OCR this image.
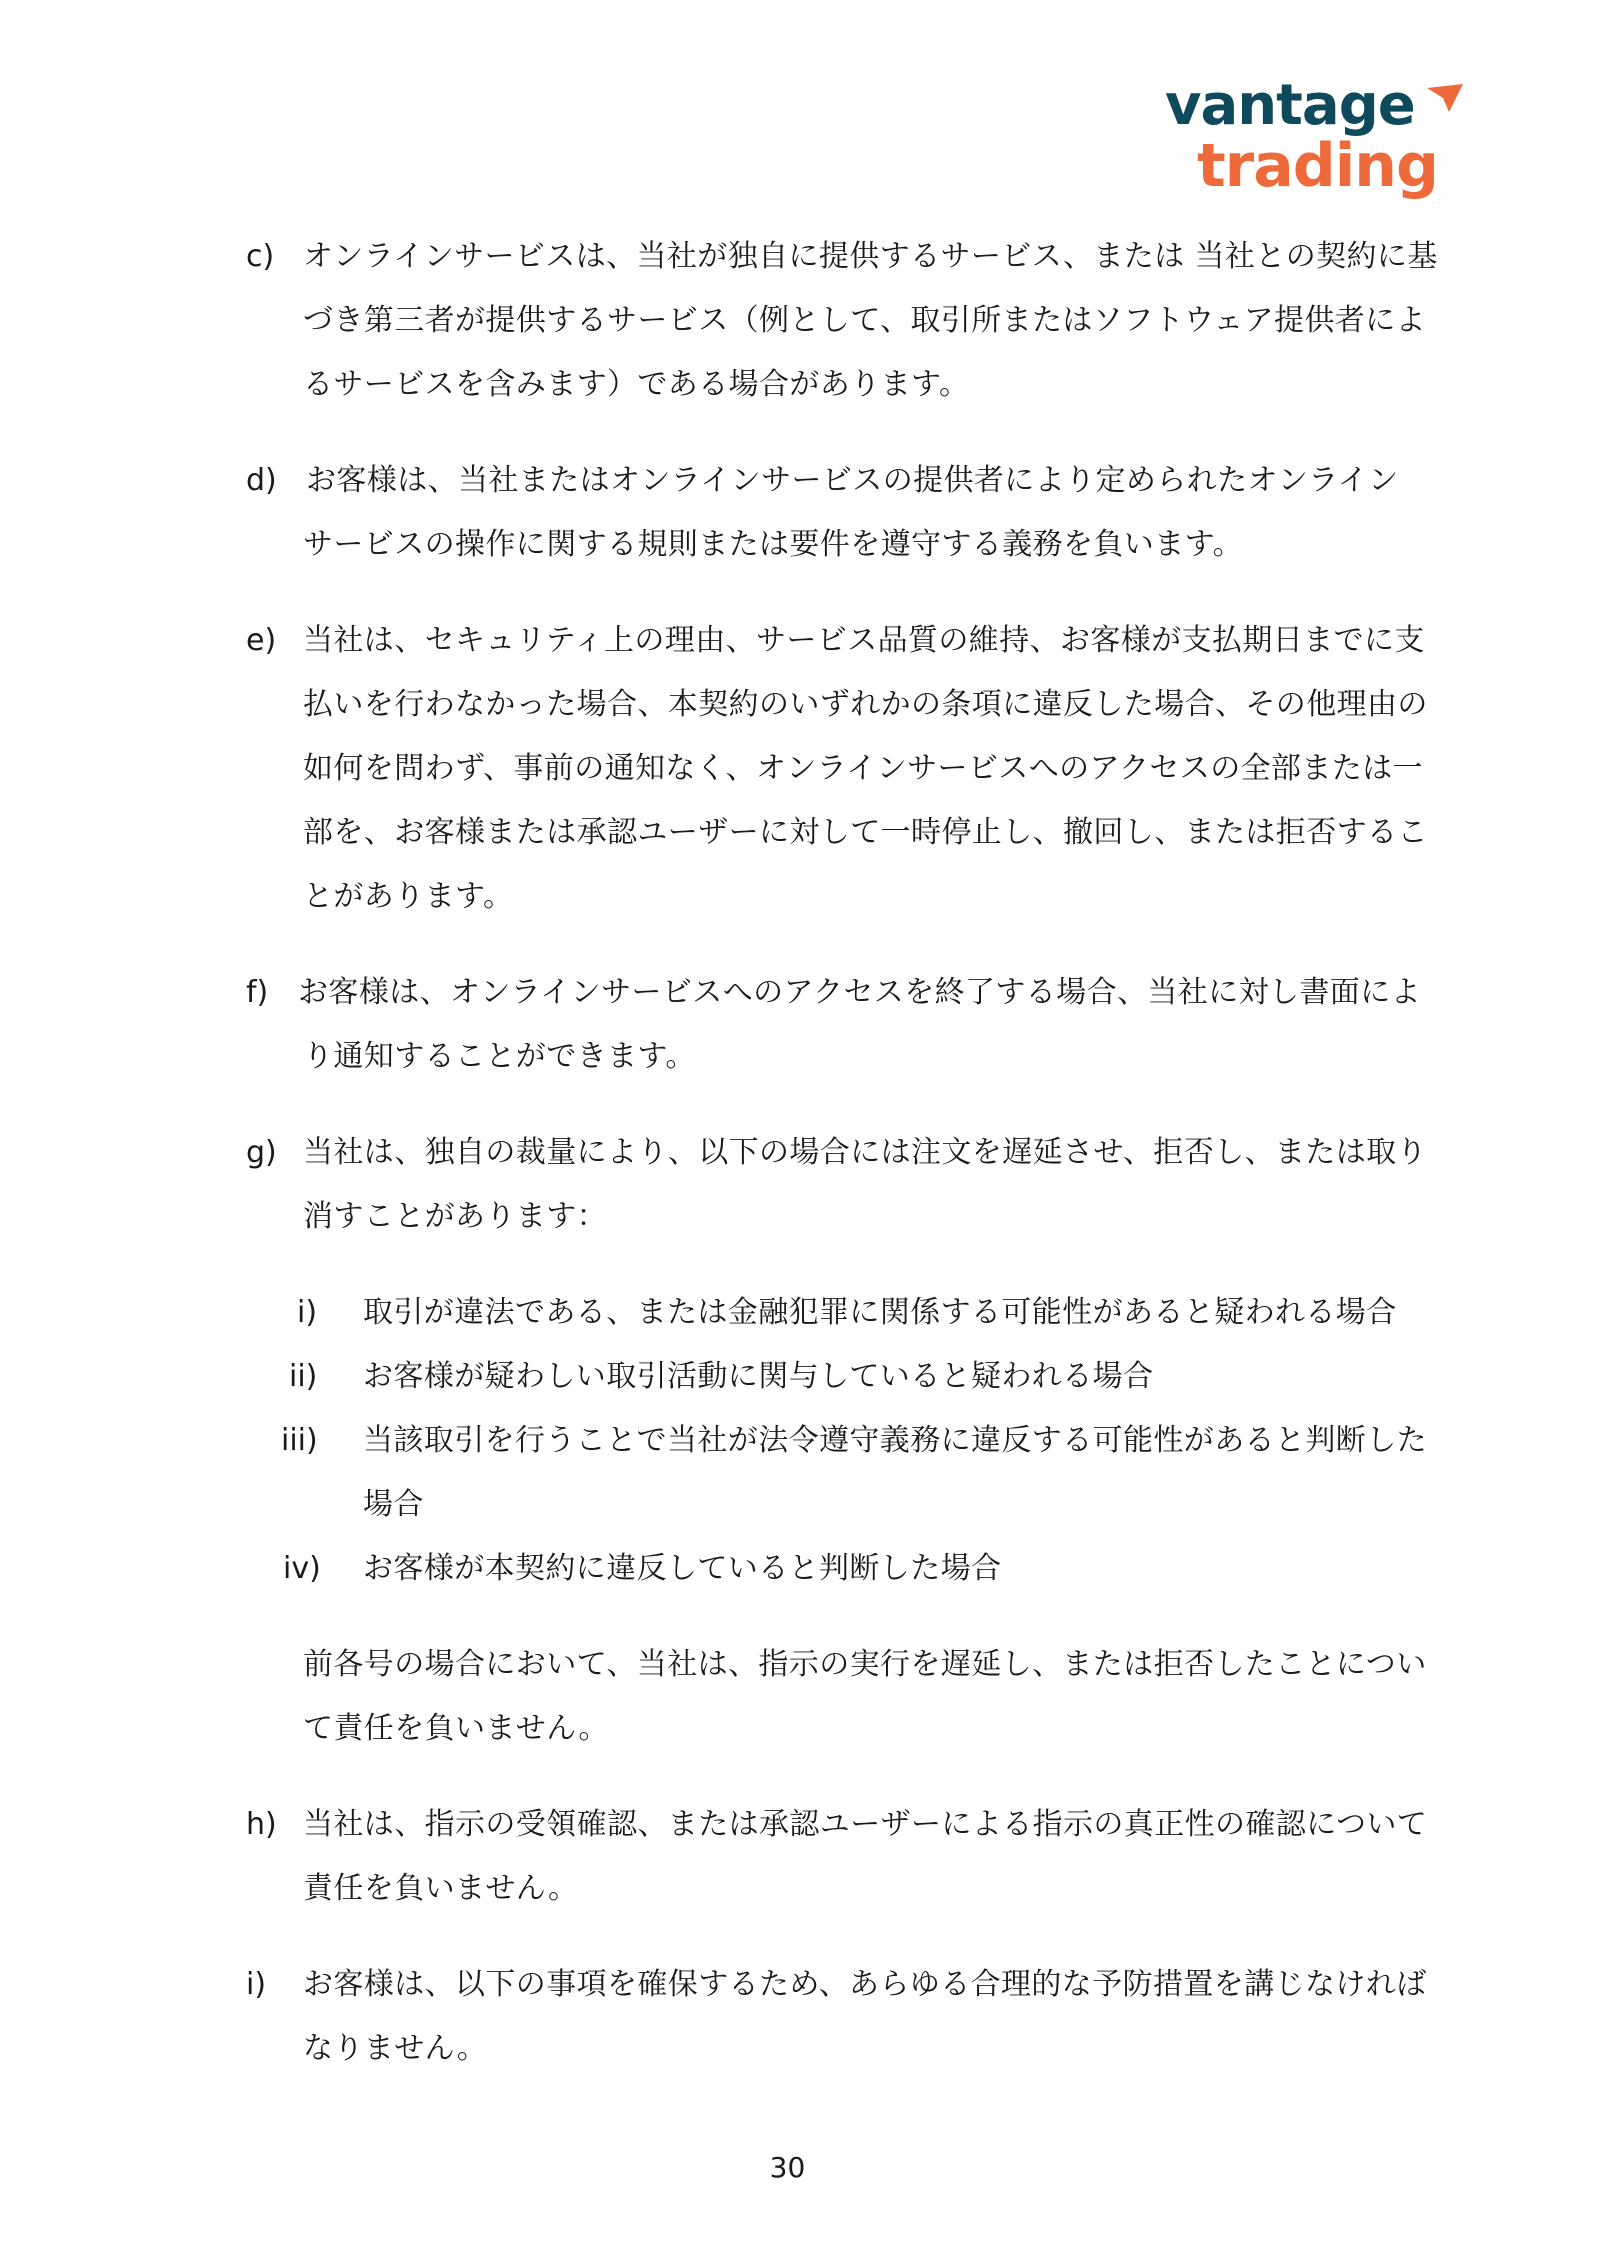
vantage
trading
c) オンラインサービスは、当社が独自に提供するサービス、または 当社との契約に基
づき第三者が提供するサービス（例として、取引所またはソフトウェア提供者によ
るサービスを含みます）である場合があります。
d) お客様は、当社またはオンラインサービスの提供者により定められたオンライン
サービスの操作に関する規則または要件を遵守する義務を負います。
e) 当社は、セキュリティ上の理由、サービス品質の維持、お客様が支払期日までに支
払いを行わなかった場合、本契約のいずれかの条項に違反した場合、その他理由の
如何を問わず、事前の通知なく、オンラインサービスへのアクセスの全部または一
部を、お客様または承認ユーザーに対して一時停止し、撤回し、または拒否するこ
とがあります。
f) お客様は、オンラインサービスへのアクセスを終了する場合、当社に対し書面によ
り通知することができます。
g) 当社は、独自の裁量により、以下の場合には注文を遅延させ、拒否し、または取り
消すことがあります：
i) 取引が違法である、または金融犯罪に関係する可能性があると疑われる場合
ii) お客様が疑わしい取引活動に関与していると疑われる場合
iii) 当該取引を行うことで当社が法令遵守義務に違反する可能性があると判断した
場合
iv) お客様が本契約に違反していると判断した場合
前各号の場合において、当社は、指示の実行を遅延し、または拒否したことについ
て責任を負いません。
h) 当社は、指示の受領確認、または承認ユーザーによる指示の真正性の確認について
責任を負いません。
i) お客様は、以下の事項を確保するため、あらゆる合理的な予防措置を講じなければ
なりません。
30
